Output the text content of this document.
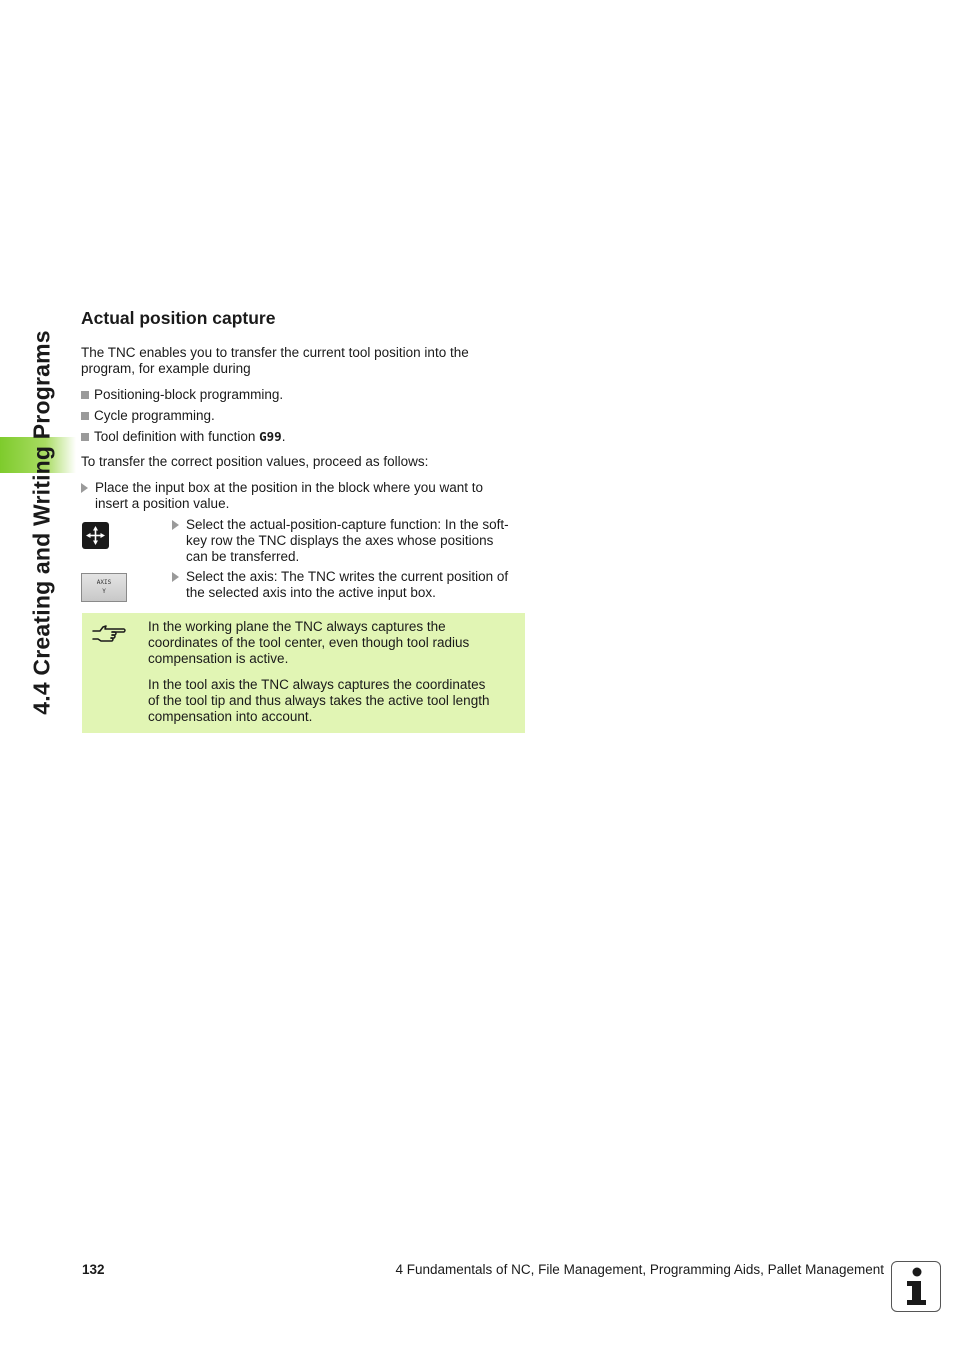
4.4 Creating and Writing Programs
Actual position capture
The TNC enables you to transfer the current tool position into the
program, for example during
Positioning-block programming.
Cycle programming.
Tool definition with function G99.
To transfer the correct position values, proceed as follows:
Place the input box at the position in the block where you want to
insert a position value.
Select the actual-position-capture function: In the soft-
key row the TNC displays the axes whose positions
can be transferred.
AXIS
Y
Select the axis: The TNC writes the current position of
the selected axis into the active input box.
In the working plane the TNC always captures the
coordinates of the tool center, even though tool radius
compensation is active.
In the tool axis the TNC always captures the coordinates
of the tool tip and thus always takes the active tool length
compensation into account.
132	4 Fundamentals of NC, File Management, Programming Aids, Pallet Management
